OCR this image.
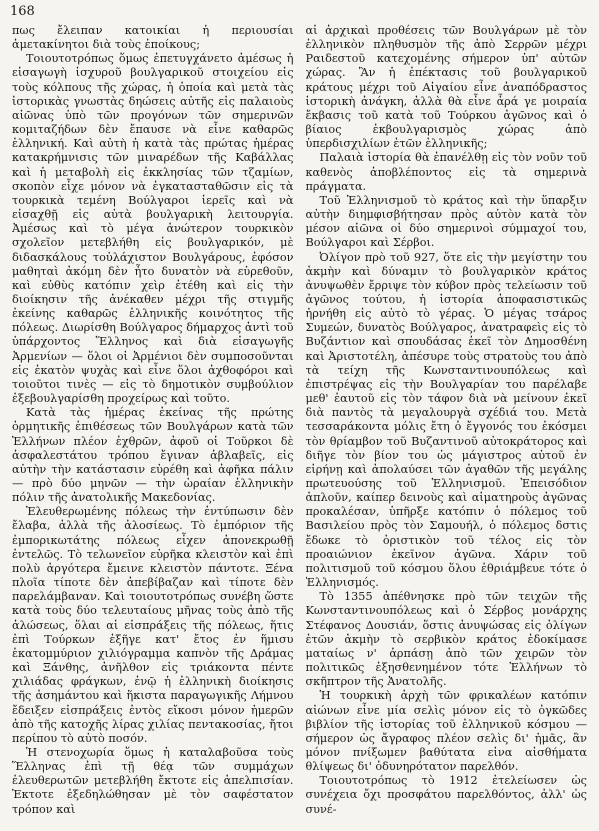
168

πως ἔλειπαν κατοικίαι ἡ περιουσίαι ἀμετακίνητοι διὰ τοὺς ἐποίκους;

Τοιουτοτρόπως ὅμως ἐπετυγχάνετο ἀμέσως ἡ εἰσαγωγὴ ἰσχυροῦ βουλγαρικοῦ στοιχείου εἰς τοὺς κόλπους τῆς χώρας, ἡ ὁποία καὶ μετὰ τὰς ἱστορικὰς γνωστὰς δηώσεις αὐτῆς εἰς παλαιοὺς αἰῶνας ὑπὸ τῶν προγόνων τῶν σημερινῶν κομιταζήδων δὲν ἔπαυσε νὰ εἶνε καθαρῶς ἑλληνική. Καὶ αὐτὴ ἡ κατὰ τὰς πρώτας ἡμέρας κατακρήμνισις τῶν μιναρέδων τῆς Καβάλλας καὶ ἡ μεταβολὴ εἰς ἐκκλησίας τῶν τζαμίων, σκοπὸν εἶχε μόνον νὰ ἐγκατασταθῶσιν εἰς τὰ τουρκικὰ τεμένη Βούλγαροι ἱερεῖς καὶ νὰ εἰσαχθῇ εἰς αὐτὰ βουλγαρικὴ λειτουργία. Ἀμέσως καὶ τὸ μέγα ἀνώτερον τουρκικὸν σχολεῖον μετεβλήθη εἰς βουλγαρικόν, μὲ διδασκάλους τοὐλάχιστον Βουλγάρους, ἐφόσον μαθηταὶ ἀκόμη δὲν ἦτο δυνατὸν νὰ εὑρεθοῦν, καὶ εὐθὺς κατόπιν χεὶρ ἐτέθη καὶ εἰς τὴν διοίκησιν τῆς ἀνέκαθεν μέχρι τῆς στιγμῆς ἐκείνης καθαρῶς ἑλληνικῆς κοινότητος τῆς πόλεως. Διωρίσθη Βούλγαρος δήμαρχος ἀντὶ τοῦ ὑπάρχοντος Ἕλληνος καὶ διὰ εἰσαγωγῆς Ἀρμενίων — ὅλοι οἱ Ἀρμένιοι δὲν συμποσοῦνται εἰς ἑκατὸν ψυχὰς καὶ εἶνε ὅλοι ἀχθοφόροι καὶ τοιοῦτοι τινὲς — εἰς τὸ δημοτικὸν συμβούλιον ἐξεβουλγαρίσθη προχείρως καὶ τοῦτο.

Κατὰ τὰς ἡμέρας ἐκείνας τῆς πρώτης ὁρμητικῆς ἐπιθέσεως τῶν Βουλγάρων κατὰ τῶν Ἑλλήνων πλέον ἐχθρῶν, ἀφοῦ οἱ Τοῦρκοι δὲ ἀσφαλεστάτου τρόπου ἔγιναν ἀβλαβεῖς, εἰς αὐτὴν τὴν κατάστασιν εὑρέθη καὶ ἀφῆκα πάλιν — πρὸ δύο μηνῶν — τὴν ὡραίαν ἑλληνικὴν πόλιν τῆς ἀνατολικῆς Μακεδονίας.

Ἐλευθερωμένης πόλεως τὴν ἐντύπωσιν δὲν ἔλαβα, ἀλλὰ τῆς ἀλοσίεως. Τὸ ἐμπόριον τῆς ἐμπορικωτάτης πόλεως εἶχεν ἀπονεκρωθῇ ἐντελῶς. Τὸ τελωνεῖον εὑρῆκα κλειστὸν καὶ ἐπὶ πολὺ ἀργότερα ἔμεινε κλειστὸν πάντοτε. Ξένα πλοῖα τίποτε δὲν ἀπεβίβαζαν καὶ τίποτε δὲν παρελάμβαναν. Καὶ τοιουτοτρόπως συνέβη ὥστε κατὰ τοὺς δύο τελευταίους μῆνας τοὺς ἀπὸ τῆς ἁλώσεως, ὅλαι αἱ εἰσπράξεις τῆς πόλεως, ἥτις ἐπὶ Τούρκων ἐξῆγε κατ' ἔτος ἐν ἥμισυ ἑκατομμύριον χιλιόγραμμα καπνὸν τῆς Δράμας καὶ Ξάνθης, ἀνῆλθον εἰς τριάκοντα πέντε χιλιάδας φράγκων, ἐνῷ ἡ ἑλληνικὴ διοίκησις τῆς ἀσημάντου καὶ ἥκιστα παραγωγικῆς Λήμνου ἔδειξεν εἰσπράξεις ἐντὸς εἴκοσι μόνον ἡμερῶν ἀπὸ τῆς κατοχῆς λίρας χιλίας πεντακοσίας, ἤτοι περίπου τὸ αὐτὸ ποσόν.

Ἡ στενοχωρία ὅμως ἡ καταλαβοῦσα τοὺς Ἕλληνας ἐπὶ τῇ θέᾳ τῶν συμμάχων ἐλευθερωτῶν μετεβλήθη ἔκτοτε εἰς ἀπελπισίαν. Ἐκτοτε ἐξεδηλώθησαν μὲ τὸν σαφέστατον τρόπον καὶ

αἱ ἀρχικαὶ προθέσεις τῶν Βουλγάρων μὲ τὸν ἑλληνικὸν πληθυσμὸν τῆς ἀπὸ Σερρῶν μέχρι Ραιδεστοῦ κατεχομένης σήμερον ὑπ' αὐτῶν χώρας. Ἂν ἡ ἐπέκτασις τοῦ βουλγαρικοῦ κράτους μέχρι τοῦ Αἰγαίου εἶνε ἀναπόδραστος ἱστορικὴ ἀνάγκη, ἀλλὰ θὰ εἶνε ἆρά γε μοιραία ἔκβασις τοῦ κατὰ τοῦ Τούρκου ἀγῶνος καὶ ὁ βίαιος ἐκβουλγαρισμὸς χώρας ἀπὸ ὑπερδισχιλίων ἐτῶν ἑλληνικῆς;

Παλαιὰ ἱστορία θὰ ἐπανέλθῃ εἰς τὸν νοῦν τοῦ καθενὸς ἀποβλέποντος εἰς τὰ σημερινὰ πράγματα.

Τοῦ Ἑλληνισμοῦ τὸ κράτος καὶ τὴν ὕπαρξιν αὐτὴν διημφισβήτησαν πρὸς αὐτὸν κατὰ τὸν μέσον αἰῶνα οἱ δύο σημερινοὶ σύμμαχοί του, Βούλγαροι καὶ Σέρβοι.

Ὀλίγον πρὸ τοῦ 927, ὅτε εἰς τὴν μεγίστην του ἀκμὴν καὶ δύναμιν τὸ βουλγαρικὸν κράτος ἀνυψωθὲν ἔρριψε τὸν κύβον πρὸς τελείωσιν τοῦ ἀγῶνος τούτου, ἡ ἱστορία ἀποφασιστικῶς ἠρνήθη εἰς αὐτὸ τὸ γέρας. Ὁ μέγας τσάρος Συμεών, δυνατὸς Βούλγαρος, ἀνατραφεὶς εἰς τὸ Βυζάντιον καὶ σπουδάσας ἐκεῖ τὸν Δημοσθένη καὶ Ἀριστοτέλη, ἀπέσυρε τοὺς στρατοὺς του ἀπὸ τὰ τείχη τῆς Κωνσταντινουπόλεως καὶ ἐπιστρέψας εἰς τὴν Βουλγαρίαν του παρέλαβε μεθ' ἑαυτοῦ εἰς τὸν τάφον διὰ νὰ μείνουν ἐκεῖ διὰ παντὸς τὰ μεγαλουργὰ σχέδιά του. Μετὰ τεσσαράκοντα μόλις ἔτη ὁ ἔγγονός του ἐκόσμει τὸν θρίαμβον τοῦ Βυζαντινοῦ αὐτοκράτορος καὶ διῆγε τὸν βίον του ὡς μάγιστρος αὐτοῦ ἐν εἰρήνῃ καὶ ἀπολαύσει τῶν ἀγαθῶν τῆς μεγάλης πρωτευούσης τοῦ Ἑλληνισμοῦ. Ἐπεισόδιον ἁπλοῦν, καίπερ δεινοὺς καὶ αἱματηροὺς ἀγῶνας προκαλέσαν, ὑπῆρξε κατόπιν ὁ πόλεμος τοῦ Βασιλείου πρὸς τὸν Σαμουήλ, ὁ πόλεμος δστις ἔδωκε τὸ ὁριστικὸν τοῦ τέλος εἰς τὸν προαιώνιον ἐκεῖνον ἀγῶνα. Χάριν τοῦ πολιτισμοῦ τοῦ κόσμου ὅλου ἐθριάμβευε τότε ὁ Ἑλληνισμός.

Τὸ 1355 ἀπέθνησκε πρὸ τῶν τειχῶν τῆς Κωνσταντινουπόλεως καὶ ὁ Σέρβος μονάρχης Στέφανος Δουσιάν, ὅστις ἀνυψώσας εἰς ὀλίγων ἐτῶν ἀκμὴν τὸ σερβικὸν κράτος ἐδοκίμασε ματαίως ν' ἁρπάσῃ ἀπὸ τῶν χειρῶν τὸν πολιτικῶς ἐξησθενημένον τότε Ἑλλήνων τὸ σκῆπτρον τῆς Ἀνατολῆς.

Ἡ τουρκικὴ ἀρχὴ τῶν φρικαλέων κατόπιν αἰώνων εἶνε μία σελὶς μόνον εἰς τὸ ὀγκῶδες βιβλίον τῆς ἱστορίας τοῦ ἑλληνικοῦ κόσμου — σήμερον ὡς ἄγραφος πλέον σελὶς δι' ἡμᾶς, ἂν μόνον πνίξωμεν βαθύτατα εἰνα αἰσθήματα θλίψεως δι' ὀδυνηρότατον παρελθόν.

Τοιουτοτρόπως τὸ 1912 ἐτελείωσεν ὡς συνέχεια ὄχι προσφάτου παρελθόντος, ἀλλ' ὡς συνέ-
